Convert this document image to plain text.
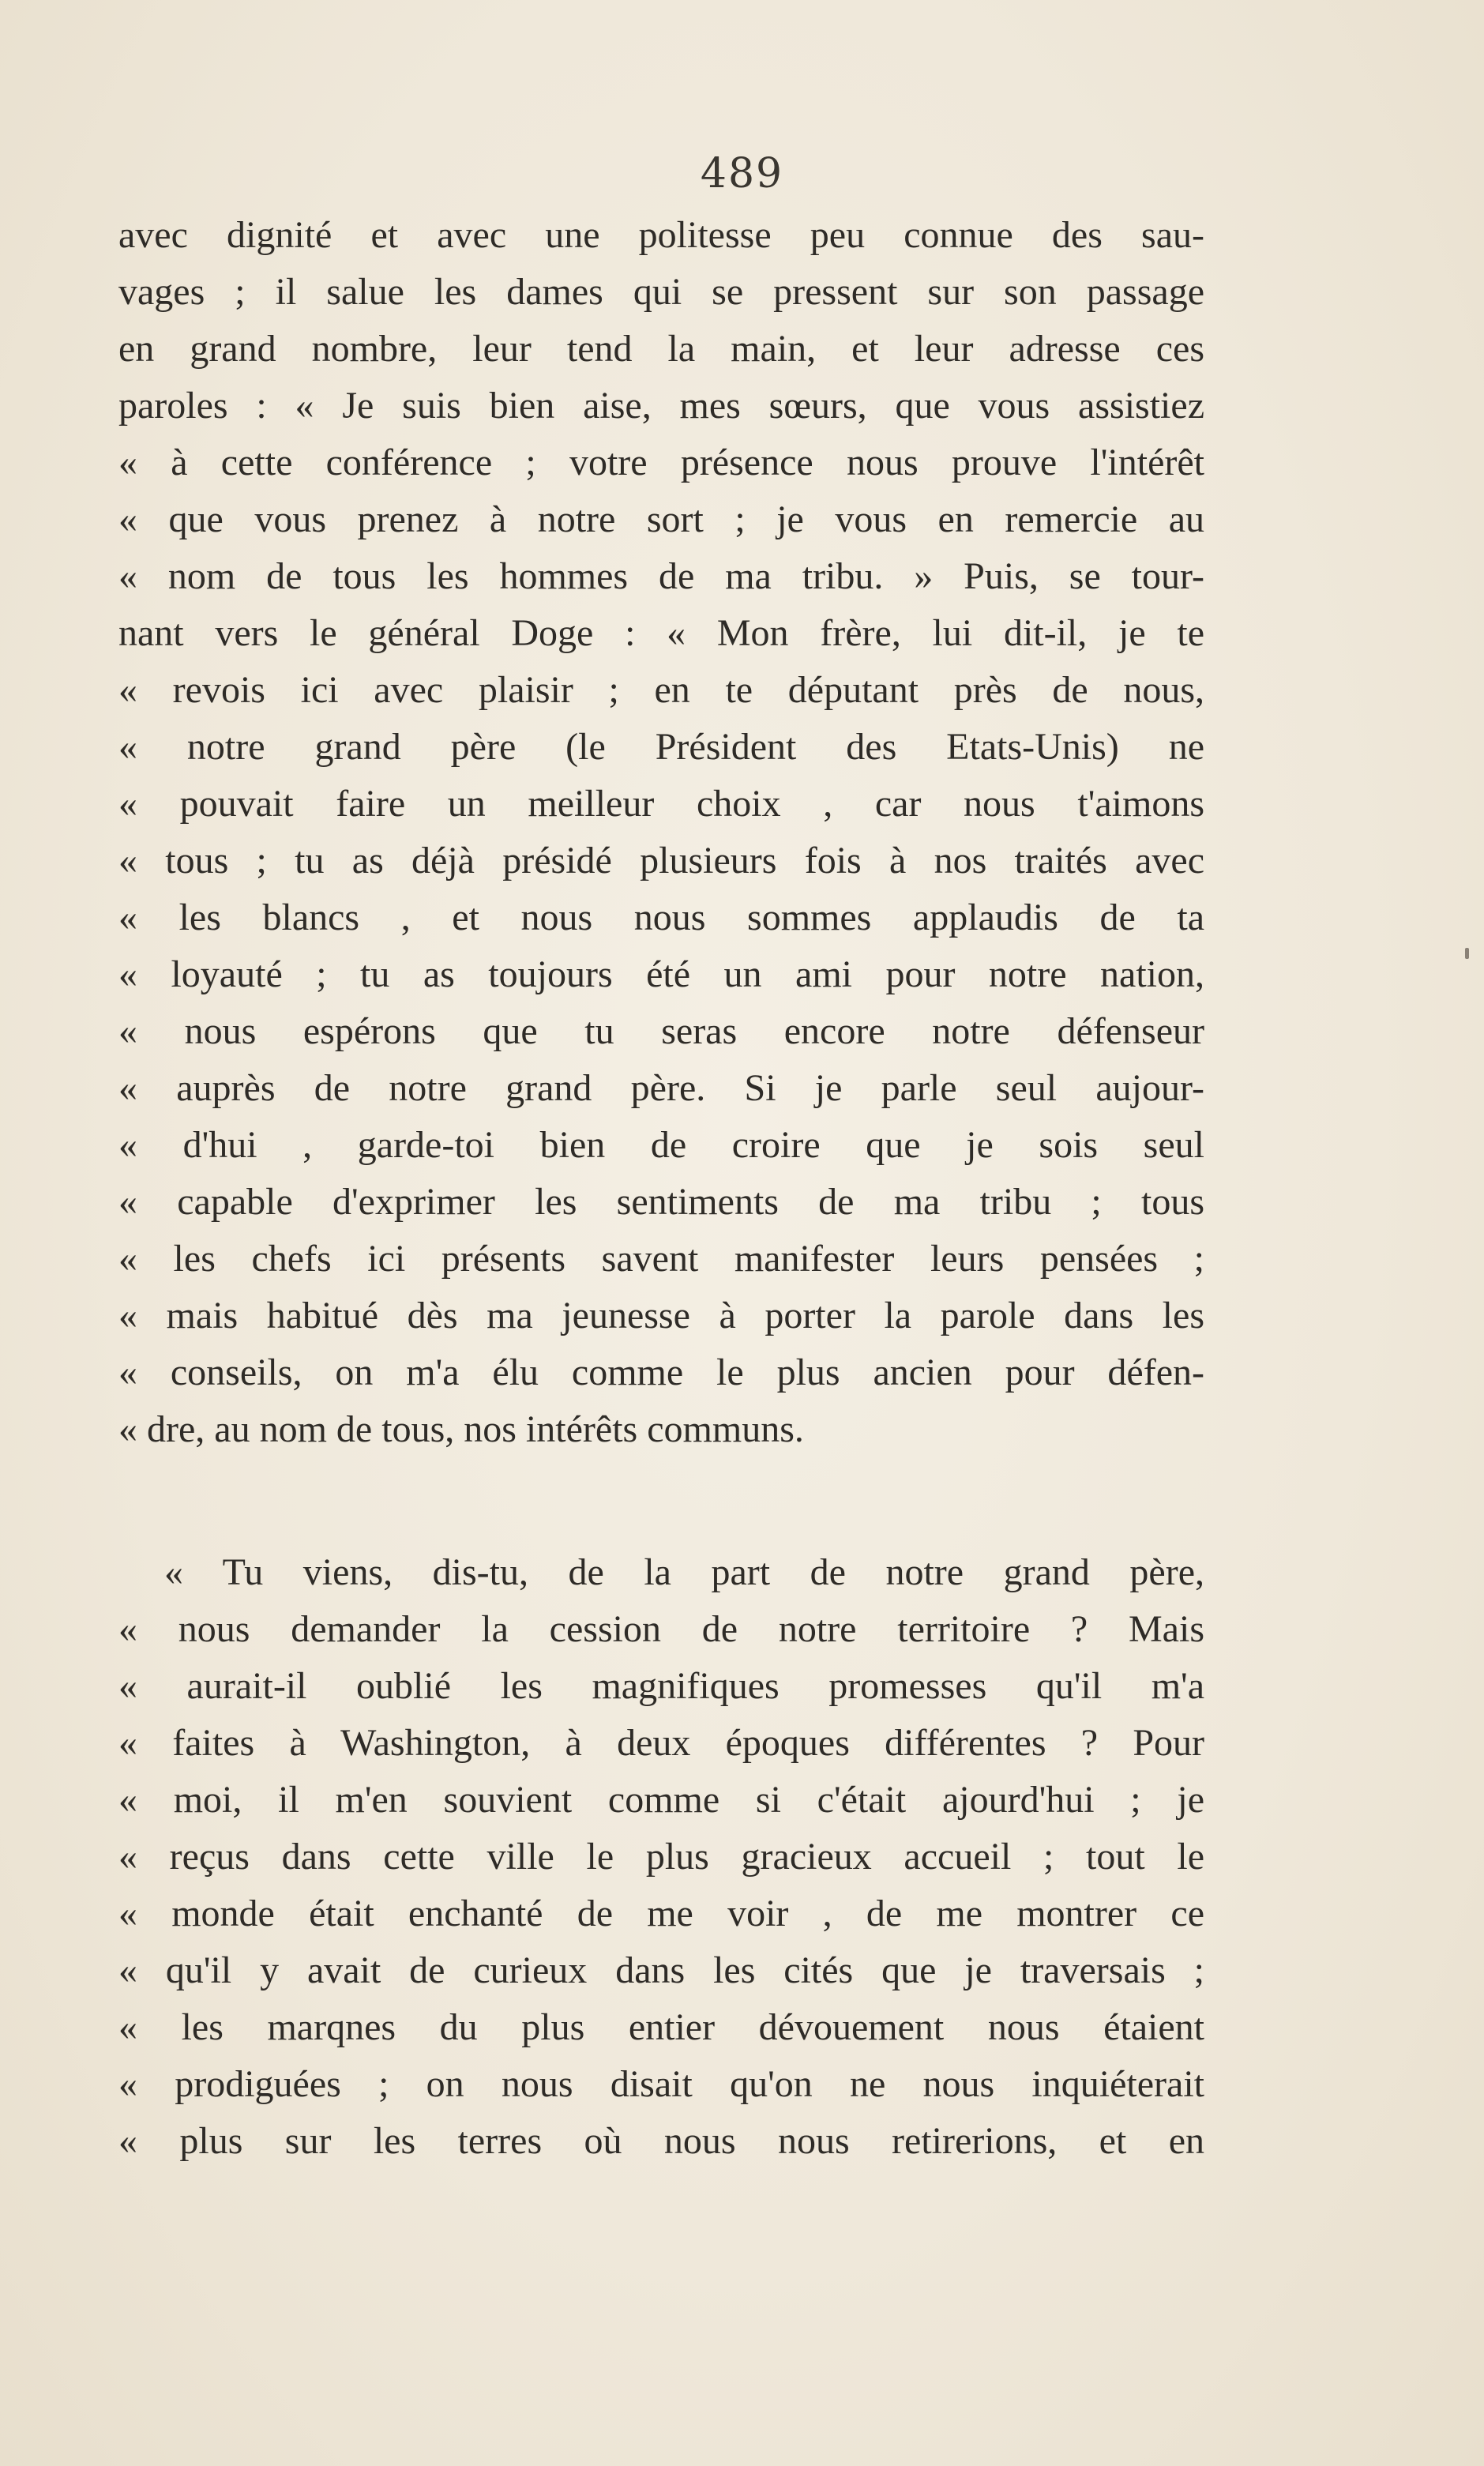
489
avec dignité et avec une politesse peu connue des sau-
vages ; il salue les dames qui se pressent sur son passage
en grand nombre, leur tend la main, et leur adresse ces
paroles : « Je suis bien aise, mes sœurs, que vous assistiez
« à cette conférence ; votre présence nous prouve l'intérêt
« que vous prenez à notre sort ; je vous en remercie au
« nom de tous les hommes de ma tribu. » Puis, se tour-
nant vers le général Doge : « Mon frère, lui dit-il, je te
« revois ici avec plaisir ; en te députant près de nous,
« notre grand père (le Président des Etats-Unis) ne
« pouvait faire un meilleur choix , car nous t'aimons
« tous ; tu as déjà présidé plusieurs fois à nos traités avec
« les blancs , et nous nous sommes applaudis de ta
« loyauté ; tu as toujours été un ami pour notre nation,
« nous espérons que tu seras encore notre défenseur
« auprès de notre grand père. Si je parle seul aujour-
« d'hui , garde-toi bien de croire que je sois seul
« capable d'exprimer les sentiments de ma tribu ; tous
« les chefs ici présents savent manifester leurs pensées ;
« mais habitué dès ma jeunesse à porter la parole dans les
« conseils, on m'a élu comme le plus ancien pour défen-
« dre, au nom de tous, nos intérêts communs.
« Tu viens, dis-tu, de la part de notre grand père,
« nous demander la cession de notre territoire ? Mais
« aurait-il oublié les magnifiques promesses qu'il m'a
« faites à Washington, à deux époques différentes ? Pour
« moi, il m'en souvient comme si c'était ajourd'hui ; je
« reçus dans cette ville le plus gracieux accueil ; tout le
« monde était enchanté de me voir , de me montrer ce
« qu'il y avait de curieux dans les cités que je traversais ;
« les marqnes du plus entier dévouement nous étaient
« prodiguées ; on nous disait qu'on ne nous inquiéterait
« plus sur les terres où nous nous retirerions, et en
